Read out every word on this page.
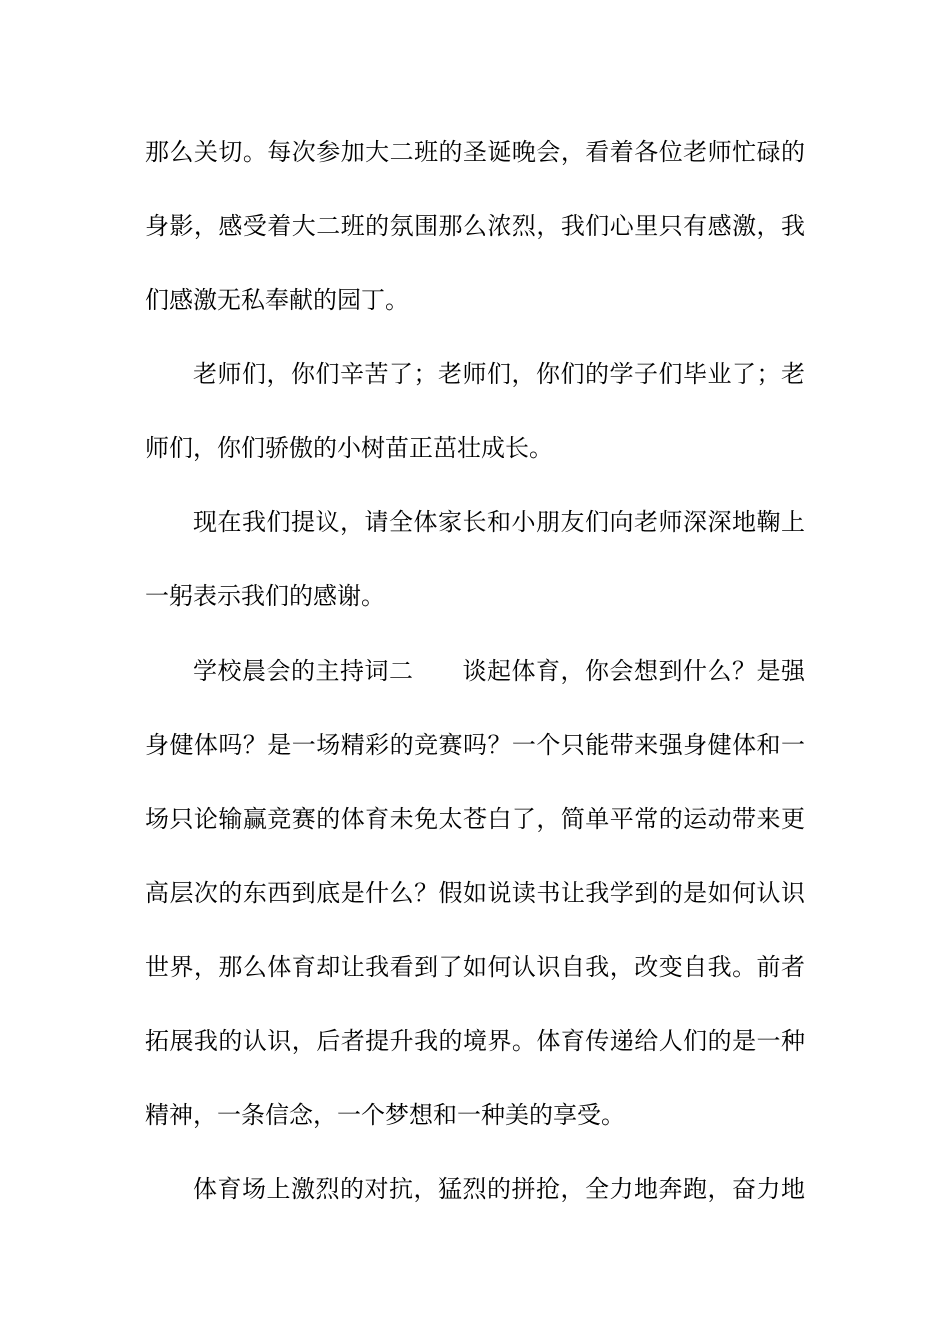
那么关切。每次参加大二班的圣诞晚会，看着各位老师忙碌的
身影，感受着大二班的氛围那么浓烈，我们心里只有感激，我
们感激无私奉献的园丁。
老师们，你们辛苦了；老师们，你们的学子们毕业了；老
师们，你们骄傲的小树苗正茁壮成长。
现在我们提议，请全体家长和小朋友们向老师深深地鞠上
一躬表示我们的感谢。
学校晨会的主持词二　　谈起体育，你会想到什么？是强
身健体吗？是一场精彩的竞赛吗？一个只能带来强身健体和一
场只论输赢竞赛的体育未免太苍白了，简单平常的运动带来更
高层次的东西到底是什么？假如说读书让我学到的是如何认识
世界，那么体育却让我看到了如何认识自我，改变自我。前者
拓展我的认识，后者提升我的境界。体育传递给人们的是一种
精神，一条信念，一个梦想和一种美的享受。
体育场上激烈的对抗，猛烈的拼抢，全力地奔跑，奋力地
